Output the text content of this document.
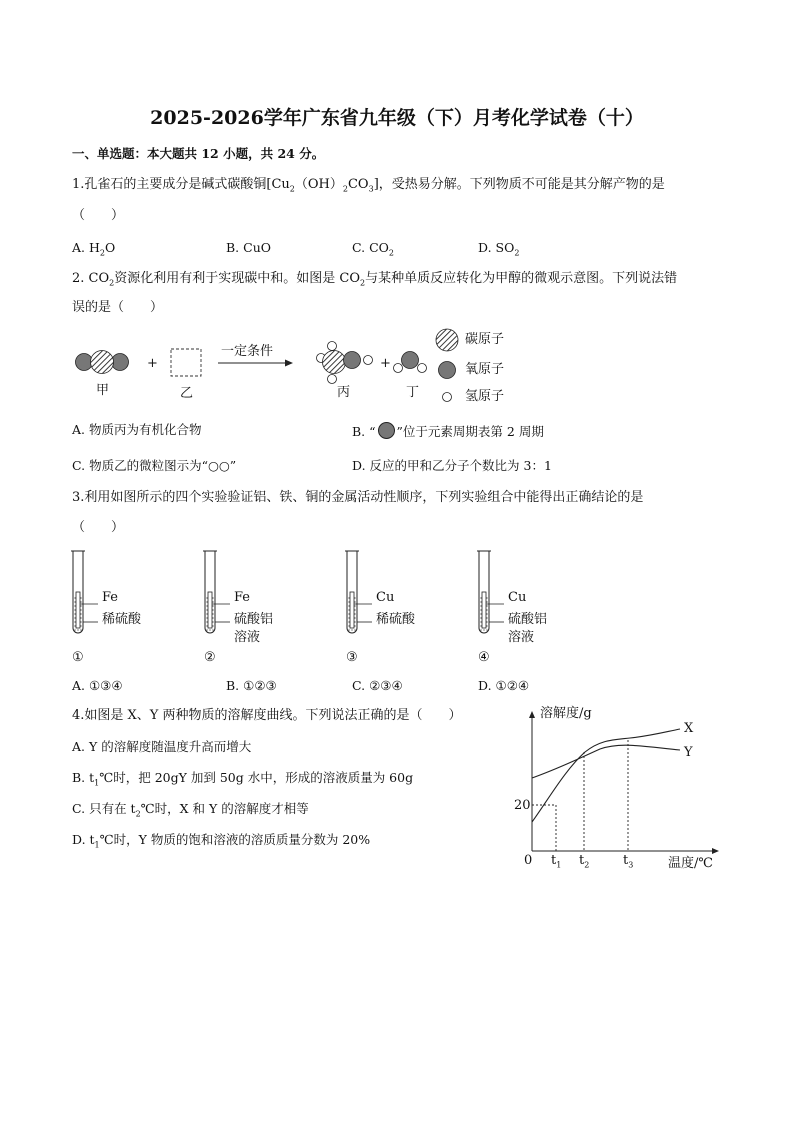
2025-2026学年广东省九年级（下）月考化学试卷（十）
一、单选题：本大题共 12 小题，共 24 分。
1.孔雀石的主要成分是碱式碳酸铜$[Cu_2(OH)_2CO_3]$，受热易分解。下列物质不可能是其分解产物的是
（　　）
A. $H_2O$	B. CuO	C. $CO_2$	D. $SO_2$
2. $CO_2$资源化利用有利于实现碳中和。如图是 $CO_2$与某种单质反应转化为甲醇的微观示意图。下列说法错
误的是（　　）
+	+
一定条件
甲	乙	丙	丁
碳原子
氧原子
氢原子
A. 物质丙为有机化合物	B. “ ”位于元素周期表第 2 周期
C. 物质乙的微粒图示为“○○”	D. 反应的甲和乙分子个数比为 3：1
3.利用如图所示的四个实验验证铝、铁、铜的金属活动性顺序，下列实验组合中能得出正确结论的是
（　　）
Fe
稀硫酸
①
Fe
硫酸铝
溶液
②
Cu
稀硫酸
③
Cu
硫酸铝
溶液
④
A. ①③④	B. ①②③	C. ②③④	D. ①②④
4.如图是 X、Y 两种物质的溶解度曲线。下列说法正确的是（　　）
A. Y 的溶解度随温度升高而增大
B. $t_1℃$时，把 20gY 加到 50g 水中，形成的溶液质量为 60g
C. 只有在 $t_2℃$时，X 和 Y 的溶解度才相等
D. $t_1℃$时，Y 物质的饱和溶液的溶质质量分数为 20%
溶解度/g
温度/℃
0
20
$t_1$ $t_2$	$t_3$
X
Y
